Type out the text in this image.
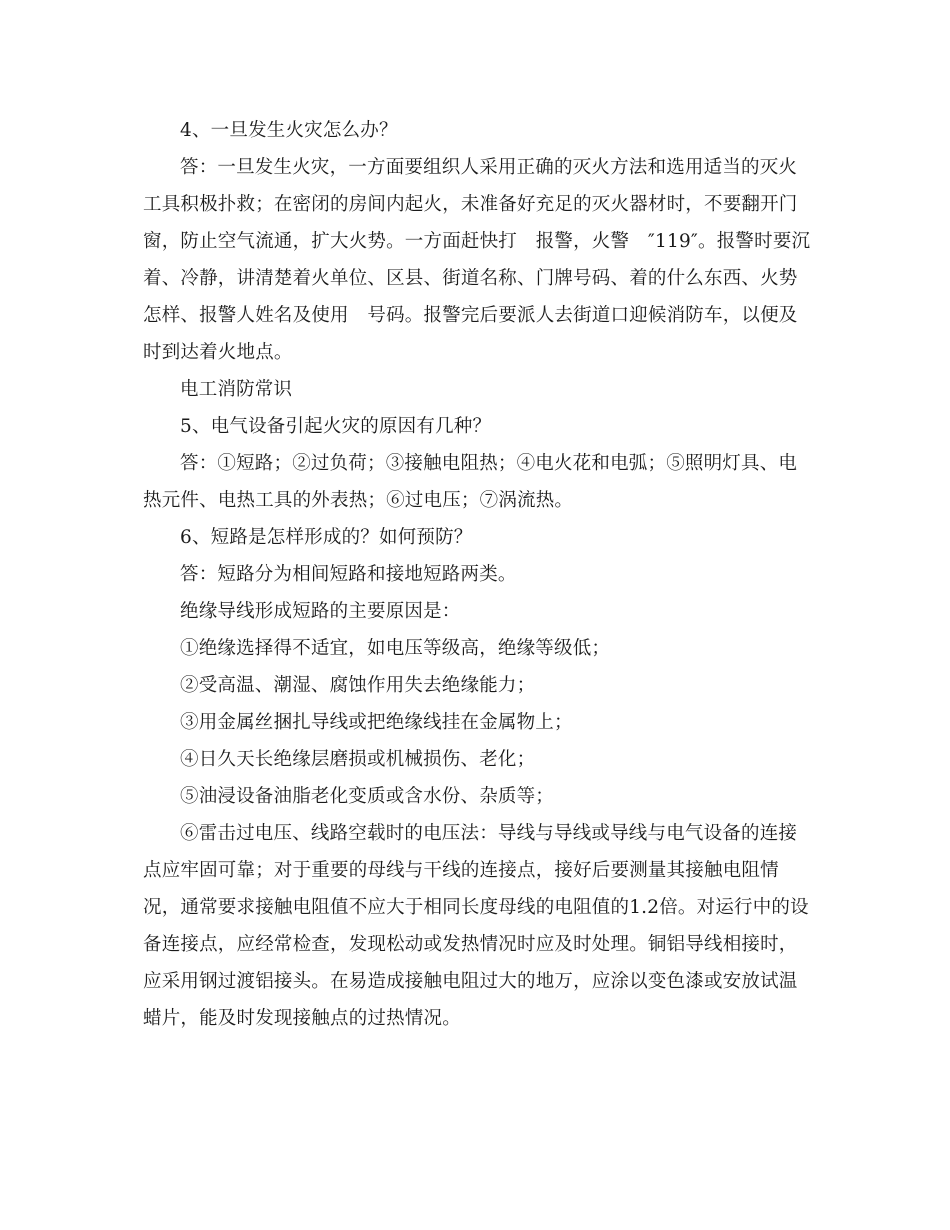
4、一旦发生火灾怎么办？

答：一旦发生火灾，一方面要组织人采用正确的灭火方法和选用适当的灭火工具积极扑救；在密闭的房间内起火，未准备好充足的灭火器材时，不要翻开门窗，防止空气流通，扩大火势。一方面赶快打　报警，火警　″119″。报警时要沉着、冷静，讲清楚着火单位、区县、街道名称、门牌号码、着的什么东西、火势怎样、报警人姓名及使用　号码。报警完后要派人去街道口迎候消防车，以便及时到达着火地点。

电工消防常识

5、电气设备引起火灾的原因有几种？

答：①短路；②过负荷；③接触电阻热；④电火花和电弧；⑤照明灯具、电热元件、电热工具的外表热；⑥过电压；⑦涡流热。

6、短路是怎样形成的？如何预防？

答：短路分为相间短路和接地短路两类。

绝缘导线形成短路的主要原因是：

①绝缘选择得不适宜，如电压等级高，绝缘等级低；

②受高温、潮湿、腐蚀作用失去绝缘能力；

③用金属丝捆扎导线或把绝缘线挂在金属物上；

④日久天长绝缘层磨损或机械损伤、老化；

⑤油浸设备油脂老化变质或含水份、杂质等；

⑥雷击过电压、线路空载时的电压法：导线与导线或导线与电气设备的连接点应牢固可靠；对于重要的母线与干线的连接点，接好后要测量其接触电阻情况，通常要求接触电阻值不应大于相同长度母线的电阻值的1.2倍。对运行中的设备连接点，应经常检查，发现松动或发热情况时应及时处理。铜铝导线相接时，应采用钢过渡铝接头。在易造成接触电阻过大的地万，应涂以变色漆或安放试温蜡片，能及时发现接触点的过热情况。
